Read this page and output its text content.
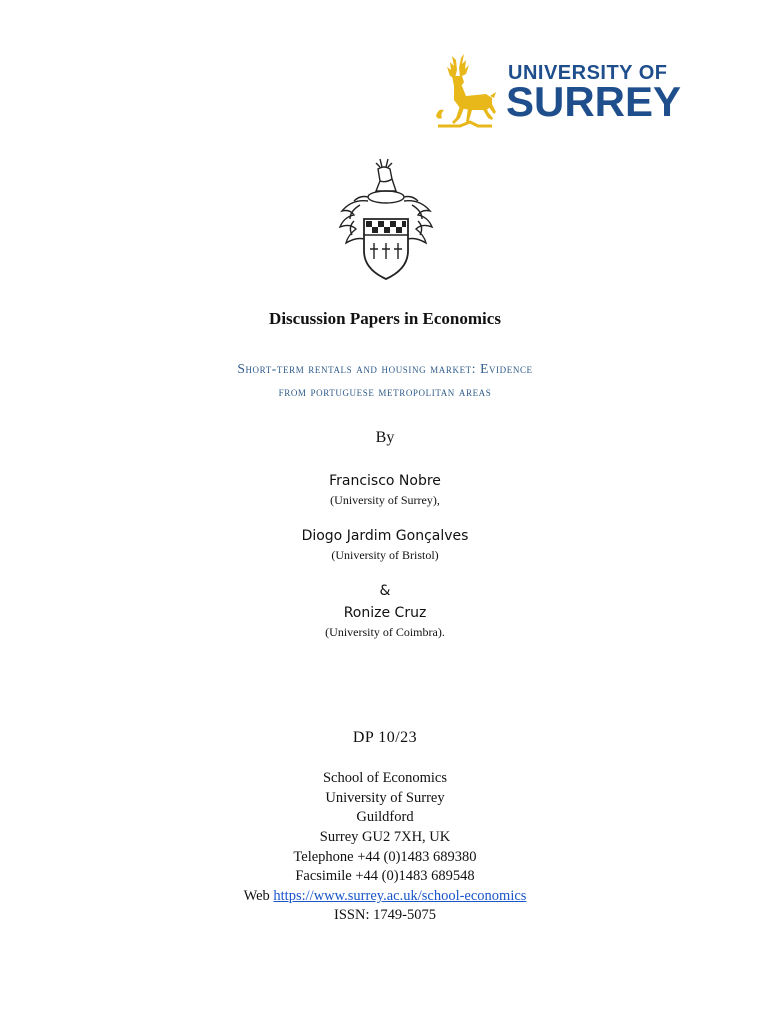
UNIVERSITY OF
SURREY
Discussion Papers in Economics
Short-term rentals and housing market: Evidence
from portuguese metropolitan areas
By
Francisco Nobre
(University of Surrey),
Diogo Jardim Gonçalves
(University of Bristol)
&
Ronize Cruz
(University of Coimbra).
DP 10/23
School of Economics
University of Surrey
Guildford
Surrey GU2 7XH, UK
Telephone +44 (0)1483 689380
Facsimile +44 (0)1483 689548
Web https://www.surrey.ac.uk/school-economics
ISSN: 1749-5075
